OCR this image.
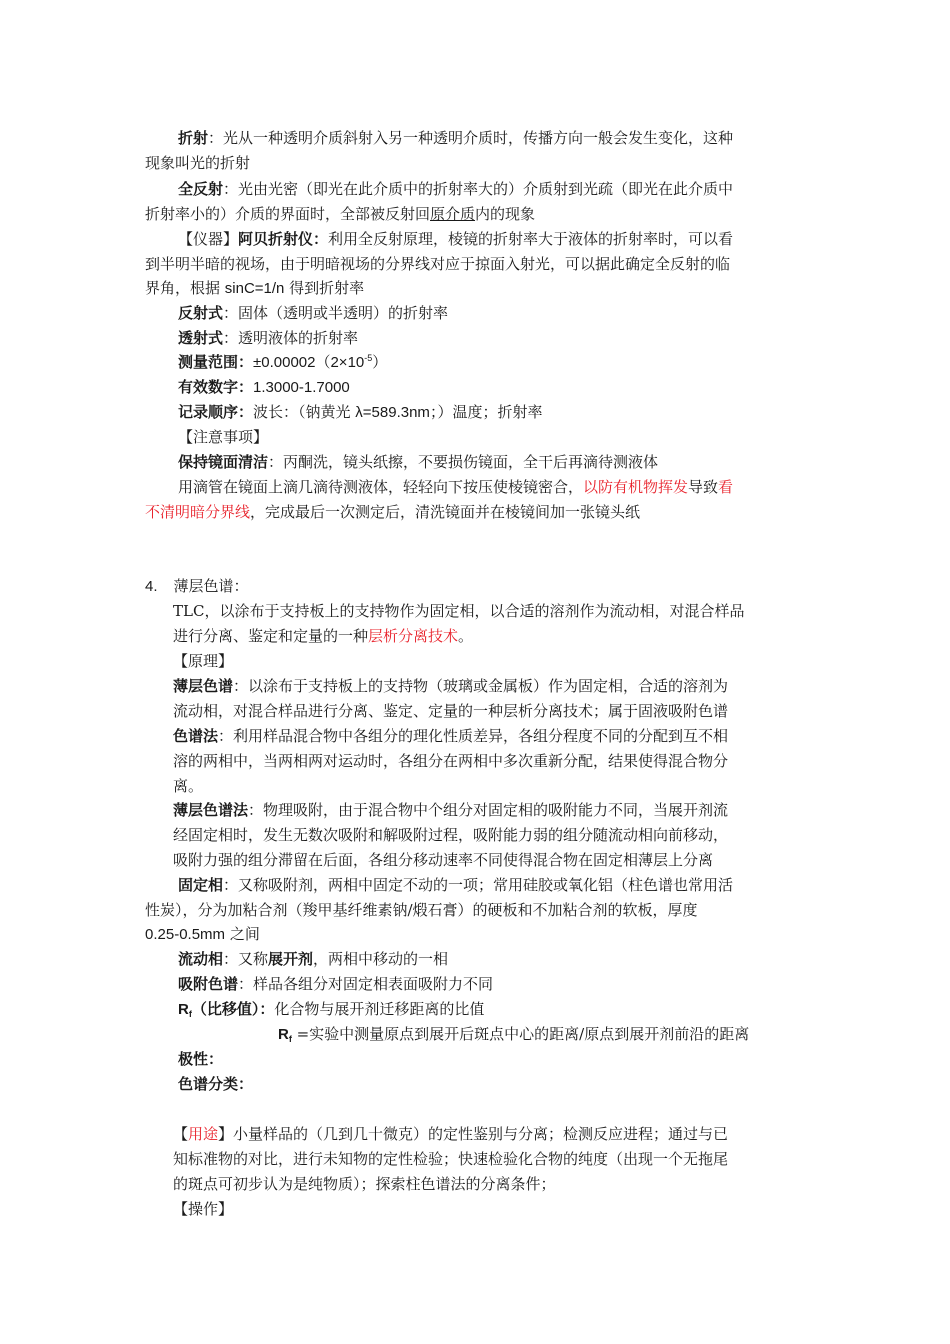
折射：光从一种透明介质斜射入另一种透明介质时，传播方向一般会发生变化，这种
现象叫光的折射
全反射：光由光密（即光在此介质中的折射率大的）介质射到光疏（即光在此介质中
折射率小的）介质的界面时，全部被反射回原介质内的现象
【仪器】阿贝折射仪：利用全反射原理，棱镜的折射率大于液体的折射率时，可以看
到半明半暗的视场，由于明暗视场的分界线对应于掠面入射光，可以据此确定全反射的临
界角，根据 sinC=1/n 得到折射率
反射式：固体（透明或半透明）的折射率
透射式：透明液体的折射率
测量范围：$\pm 0.00002(2\times 10^{-5})$
有效数字：1.3000-1.7000
记录顺序：波长：（钠黄光 λ=589.3nm；）温度；折射率
【注意事项】
保持镜面清洁：丙酮洗，镜头纸擦，不要损伤镜面，全干后再滴待测液体
用滴管在镜面上滴几滴待测液体，轻轻向下按压使棱镜密合，以防有机物挥发导致看
不清明暗分界线，完成最后一次测定后，清洗镜面并在棱镜间加一张镜头纸
4. 薄层色谱：
TLC，以涂布于支持板上的支持物作为固定相，以合适的溶剂作为流动相，对混合样品
进行分离、鉴定和定量的一种层析分离技术。
【原理】
薄层色谱：以涂布于支持板上的支持物（玻璃或金属板）作为固定相，合适的溶剂为
流动相，对混合样品进行分离、鉴定、定量的一种层析分离技术；属于固液吸附色谱
色谱法：利用样品混合物中各组分的理化性质差异，各组分程度不同的分配到互不相
溶的两相中，当两相两对运动时，各组分在两相中多次重新分配，结果使得混合物分
离。
薄层色谱法：物理吸附，由于混合物中个组分对固定相的吸附能力不同，当展开剂流
经固定相时，发生无数次吸附和解吸附过程，吸附能力弱的组分随流动相向前移动，
吸附力强的组分滞留在后面，各组分移动速率不同使得混合物在固定相薄层上分离
固定相：又称吸附剂，两相中固定不动的一项；常用硅胶或氧化铝（柱色谱也常用活
性炭），分为加粘合剂（羧甲基纤维素钠/煅石膏）的硬板和不加粘合剂的软板，厚度
0.25-0.5mm 之间
流动相：又称展开剂，两相中移动的一相
吸附色谱：样品各组分对固定相表面吸附力不同
$R_f$（比移值）：化合物与展开剂迁移距离的比值
$R_f$ =实验中测量原点到展开后斑点中心的距离/原点到展开剂前沿的距离
极性：
色谱分类：
【用途】小量样品的（几到几十微克）的定性鉴别与分离；检测反应进程；通过与已
知标准物的对比，进行未知物的定性检验；快速检验化合物的纯度（出现一个无拖尾
的斑点可初步认为是纯物质）；探索柱色谱法的分离条件；
【操作】
